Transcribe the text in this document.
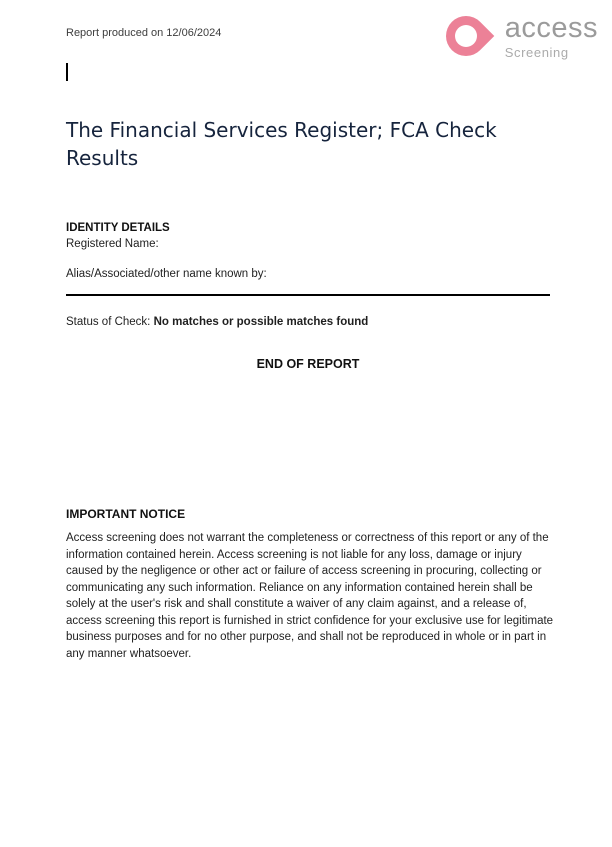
Report produced on 12/06/2024	access
Screening
The Financial Services Register; FCA Check Results
IDENTITY DETAILS
Registered Name:
Alias/Associated/other name known by:
Status of Check: No matches or possible matches found
END OF REPORT
IMPORTANT NOTICE

Access screening does not warrant the completeness or correctness of this report or any of the information contained herein. Access screening is not liable for any loss, damage or injury caused by the negligence or other act or failure of access screening in procuring, collecting or communicating any such information. Reliance on any information contained herein shall be solely at the user's risk and shall constitute a waiver of any claim against, and a release of, access screening this report is furnished in strict confidence for your exclusive use for legitimate business purposes and for no other purpose, and shall not be reproduced in whole or in part in any manner whatsoever.
